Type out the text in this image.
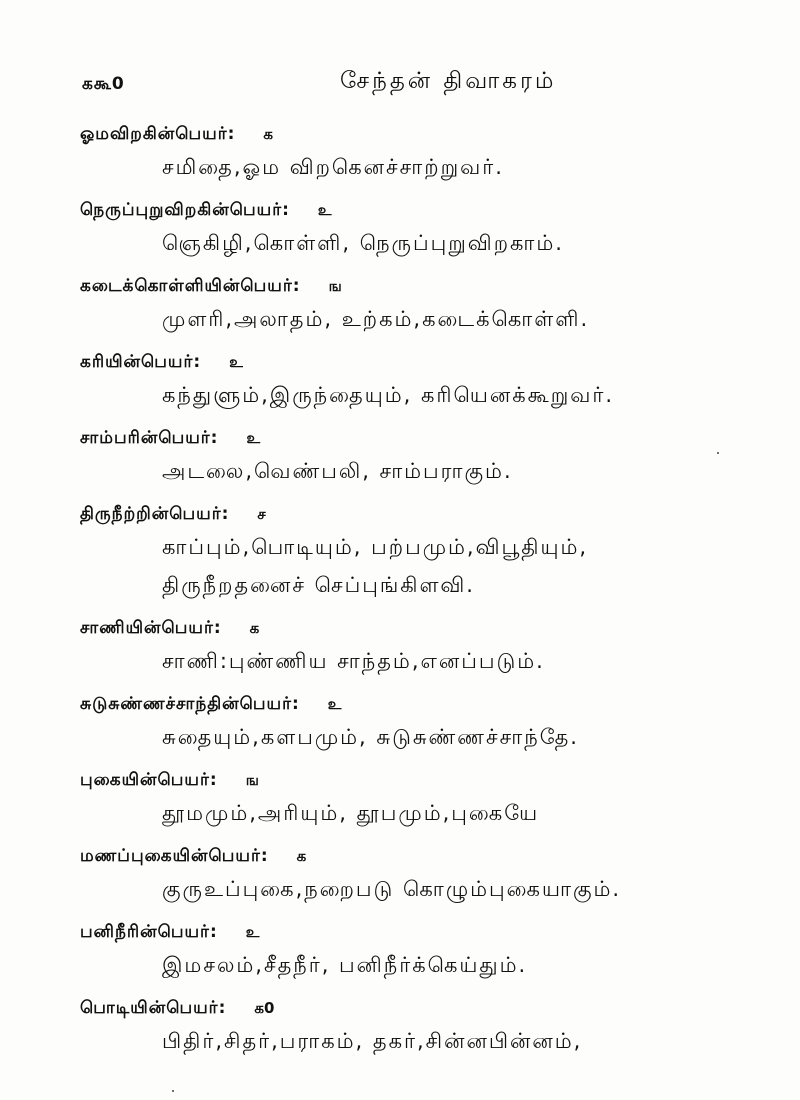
ககூ0	சேந்தன் திவாகரம்
ஓமவிறகின்பெயர்: க
சமிதை,ஓம விறகெனச்சாற்றுவர்.
நெருப்புறுவிறகின்பெயர்: உ
ஞெகிழி,கொள்ளி, நெருப்புறுவிறகாம்.
கடைக்கொள்ளியின்பெயர்: ங
முளரி,அலாதம், உற்கம்,கடைக்கொள்ளி.
கரியின்பெயர்: உ
கந்துளும்,இருந்தையும், கரியெனக்கூறுவர்.
சாம்பரின்பெயர்: உ
அடலை,வெண்பலி, சாம்பராகும்.
திருநீற்றின்பெயர்: ச
காப்பும்,பொடியும், பற்பமும்,விபூதியும்,
திருநீறதனைச் செப்புங்கிளவி.
சாணியின்பெயர்: க
சாணி:புண்ணிய சாந்தம்,எனப்படும்.
சுடுசுண்ணச்சாந்தின்பெயர்: உ
சுதையும்,களபமும், சுடுசுண்ணச்சாந்தே.
புகையின்பெயர்: ங
தூமமும்,அரியும், தூபமும்,புகையே
மணப்புகையின்பெயர்: க
குருஉப்புகை,நறைபடு கொழும்புகையாகும்.
பனிநீரின்பெயர்: உ
இமசலம்,சீதநீர், பனிநீர்க்கெய்தும்.
பொடியின்பெயர்: க0
பிதிர்,சிதர்,பராகம், தகர்,சின்னபின்னம்,
